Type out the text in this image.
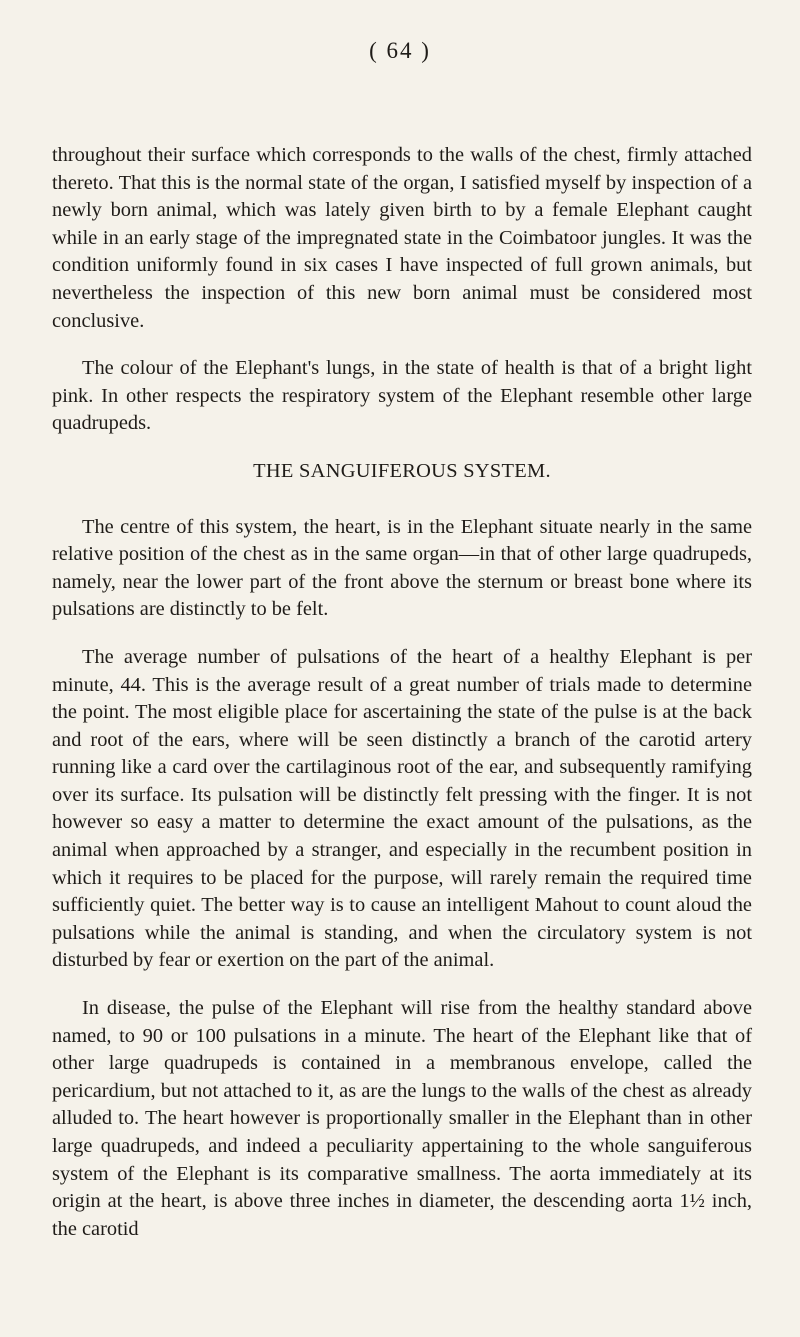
( 64 )

throughout their surface which corresponds to the walls of the chest, firmly attached thereto. That this is the normal state of the organ, I satisfied myself by inspection of a newly born animal, which was lately given birth to by a female Elephant caught while in an early stage of the impregnated state in the Coimbatoor jungles. It was the condition uniformly found in six cases I have inspected of full grown animals, but nevertheless the inspection of this new born animal must be considered most conclusive.

The colour of the Elephant's lungs, in the state of health is that of a bright light pink. In other respects the respiratory system of the Elephant resemble other large quadrupeds.

THE SANGUIFEROUS SYSTEM.

The centre of this system, the heart, is in the Elephant situate nearly in the same relative position of the chest as in the same organ—in that of other large quadrupeds, namely, near the lower part of the front above the sternum or breast bone where its pulsations are distinctly to be felt.

The average number of pulsations of the heart of a healthy Elephant is per minute, 44. This is the average result of a great number of trials made to determine the point. The most eligible place for ascertaining the state of the pulse is at the back and root of the ears, where will be seen distinctly a branch of the carotid artery running like a card over the cartilaginous root of the ear, and subsequently ramifying over its surface. Its pulsation will be distinctly felt pressing with the finger. It is not however so easy a matter to determine the exact amount of the pulsations, as the animal when approached by a stranger, and especially in the recumbent position in which it requires to be placed for the purpose, will rarely remain the required time sufficiently quiet. The better way is to cause an intelligent Mahout to count aloud the pulsations while the animal is standing, and when the circulatory system is not disturbed by fear or exertion on the part of the animal.

In disease, the pulse of the Elephant will rise from the healthy standard above named, to 90 or 100 pulsations in a minute. The heart of the Elephant like that of other large quadrupeds is contained in a membranous envelope, called the pericardium, but not attached to it, as are the lungs to the walls of the chest as already alluded to. The heart however is proportionally smaller in the Elephant than in other large quadrupeds, and indeed a peculiarity appertaining to the whole sanguiferous system of the Elephant is its comparative smallness. The aorta immediately at its origin at the heart, is above three inches in diameter, the descending aorta 1½ inch, the carotid
